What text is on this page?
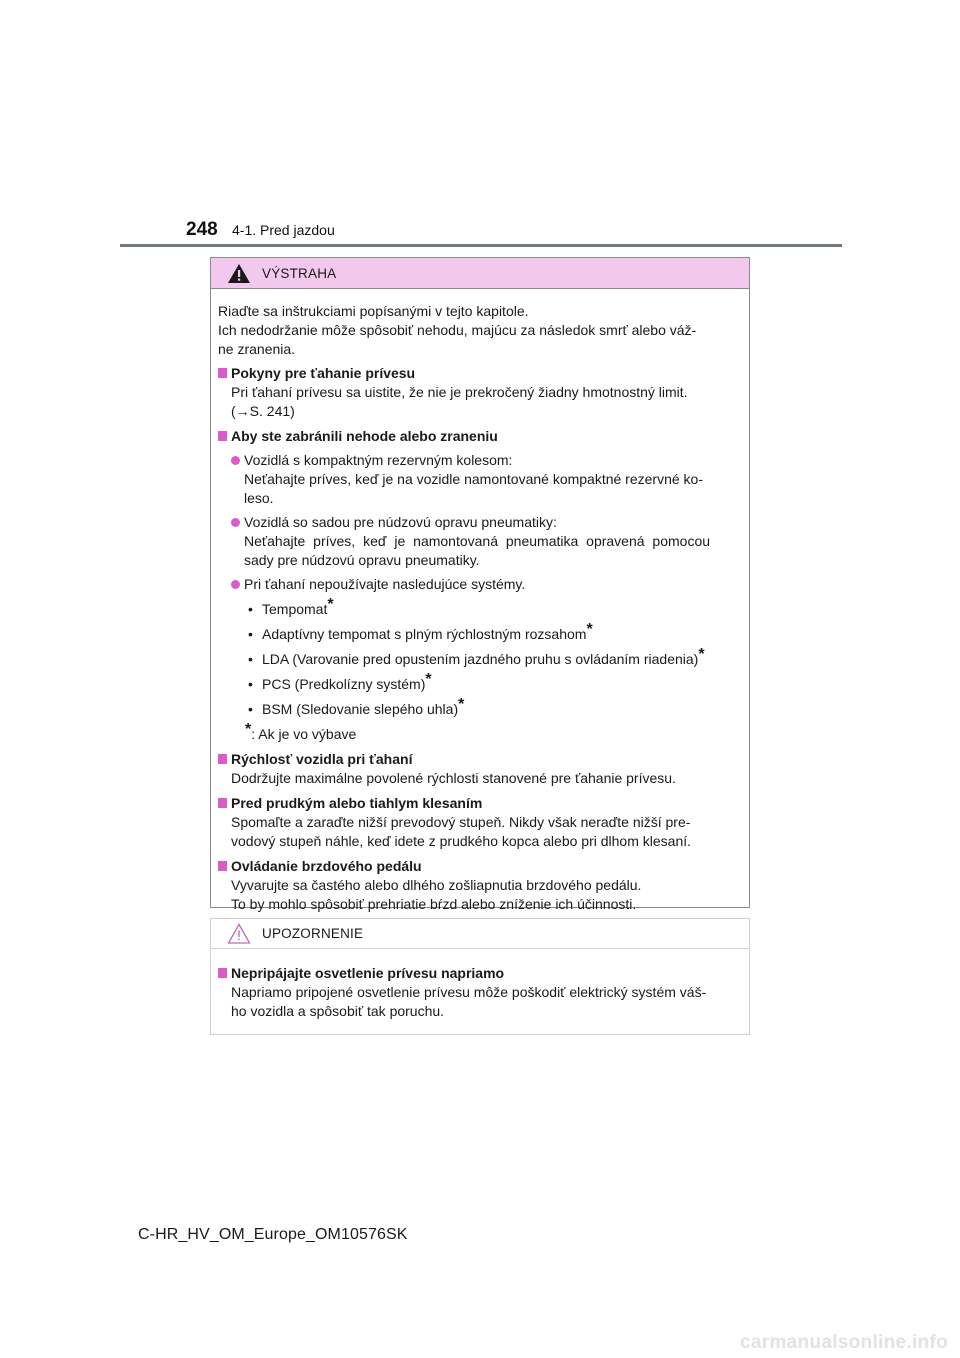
248 4-1. Pred jazdou
VÝSTRAHA

Riaďte sa inštrukciami popísanými v tejto kapitole.

Ich nedodržanie môže spôsobiť nehodu, majúcu za následok smrť alebo váž-

ne zranenia.

Pokyny pre ťahanie prívesu

Pri ťahaní prívesu sa uistite, že nie je prekročený žiadny hmotnostný limit.

(→S. 241)

Aby ste zabránili nehode alebo zraneniu

Vozidlá s kompaktným rezervným kolesom:

Neťahajte príves, keď je na vozidle namontované kompaktné rezervné ko-

leso.

Vozidlá so sadou pre núdzovú opravu pneumatiky:

Neťahajte príves, keď je namontovaná pneumatika opravená pomocou

sady pre núdzovú opravu pneumatiky.

Pri ťahaní nepoužívajte nasledujúce systémy.

• Tempomat*
• Adaptívny tempomat s plným rýchlostným rozsahom*
• LDA (Varovanie pred opustením jazdného pruhu s ovládaním riadenia)*
• PCS (Predkolízny systém)*
• BSM (Sledovanie slepého uhla)*
*: Ak je vo výbave
Rýchlosť vozidla pri ťahaní

Dodržujte maximálne povolené rýchlosti stanovené pre ťahanie prívesu.

Pred prudkým alebo tiahlym klesaním

Spomaľte a zaraďte nižší prevodový stupeň. Nikdy však neraďte nižší pre-

vodový stupeň náhle, keď idete z prudkého kopca alebo pri dlhom klesaní.

Ovládanie brzdového pedálu

Vyvarujte sa častého alebo dlhého zošliapnutia brzdového pedálu.

To by mohlo spôsobiť prehriatie bŕzd alebo zníženie ich účinnosti.

UPOZORNENIE
Nepripájajte osvetlenie prívesu napriamo

Napriamo pripojené osvetlenie prívesu môže poškodiť elektrický systém váš-

ho vozidla a spôsobiť tak poruchu.

C-HR_HV_OM_Europe_OM10576SK
carmanualsonline.info
